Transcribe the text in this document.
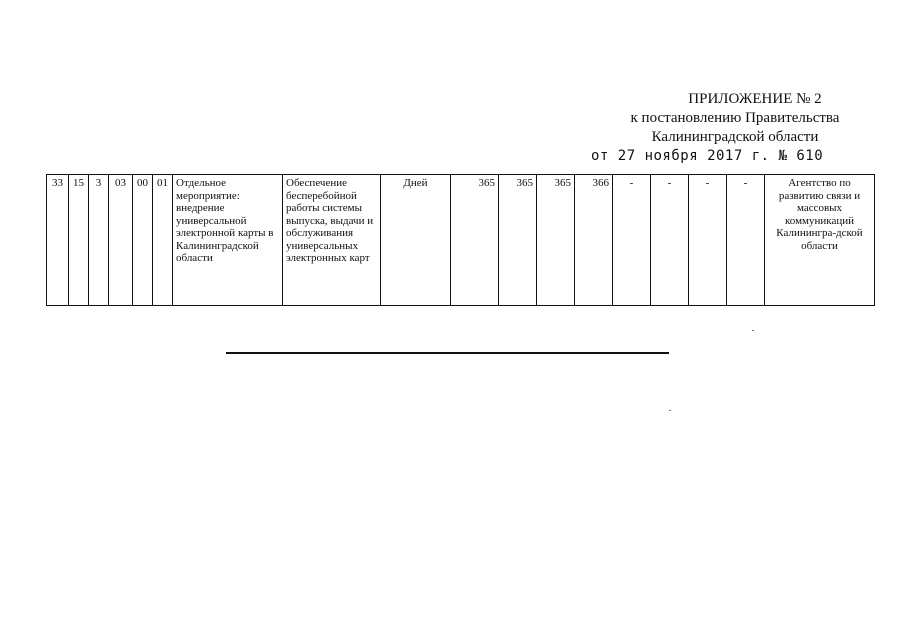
ПРИЛОЖЕНИЕ № 2
к постановлению Правительства
Калининградской области
от 27 ноября 2017 г. № 610
33	15	3	03	00	01	Отдельное мероприятие: внедрение универсальной электронной карты в Калининградской области	Обеспечение бесперебойной работы системы выпуска, выдачи и обслуживания универсальных электронных карт	Дней	365	365	365	366	-	-	-	-	Агентство по развитию связи и массовых коммуникаций Калинингра-дской области
